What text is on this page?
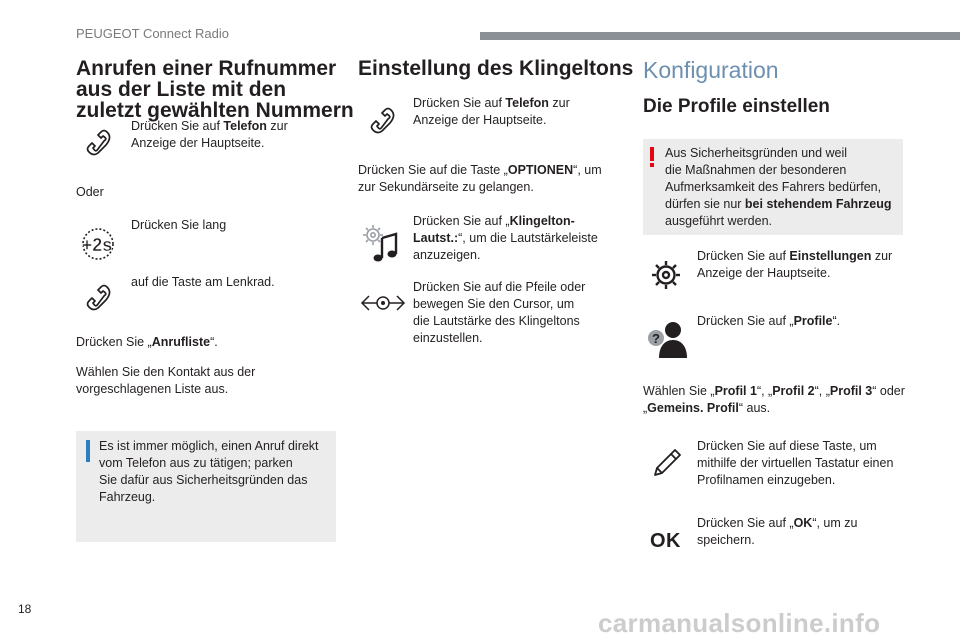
PEUGEOT Connect Radio
Anrufen einer Rufnummer
aus der Liste mit den
zuletzt gewählten Nummern
Drücken Sie auf Telefon zur
Anzeige der Hauptseite.
Oder
+2s
Drücken Sie lang
auf die Taste am Lenkrad.
Drücken Sie „Anrufliste“.
Wählen Sie den Kontakt aus der
vorgeschlagenen Liste aus.
Es ist immer möglich, einen Anruf direkt
vom Telefon aus zu tätigen; parken
Sie dafür aus Sicherheitsgründen das
Fahrzeug.
Einstellung des Klingeltons
Drücken Sie auf Telefon zur
Anzeige der Hauptseite.
Drücken Sie auf die Taste „OPTIONEN“, um
zur Sekundärseite zu gelangen.
Drücken Sie auf „Klingelton-
Lautst.:“, um die Lautstärkeleiste
anzuzeigen.
Drücken Sie auf die Pfeile oder
bewegen Sie den Cursor, um
die Lautstärke des Klingeltons
einzustellen.
Konfiguration
Die Profile einstellen
Aus Sicherheitsgründen und weil
die Maßnahmen der besonderen
Aufmerksamkeit des Fahrers bedürfen,
dürfen sie nur bei stehendem Fahrzeug
ausgeführt werden.
Drücken Sie auf Einstellungen zur
Anzeige der Hauptseite.
?
Drücken Sie auf „Profile“.
Wählen Sie „Profil 1“, „Profil 2“, „Profil 3“ oder
„Gemeins. Profil“ aus.
Drücken Sie auf diese Taste, um
mithilfe der virtuellen Tastatur einen
Profilnamen einzugeben.
OK
Drücken Sie auf „OK“, um zu
speichern.
18	carmanualsonline.info
